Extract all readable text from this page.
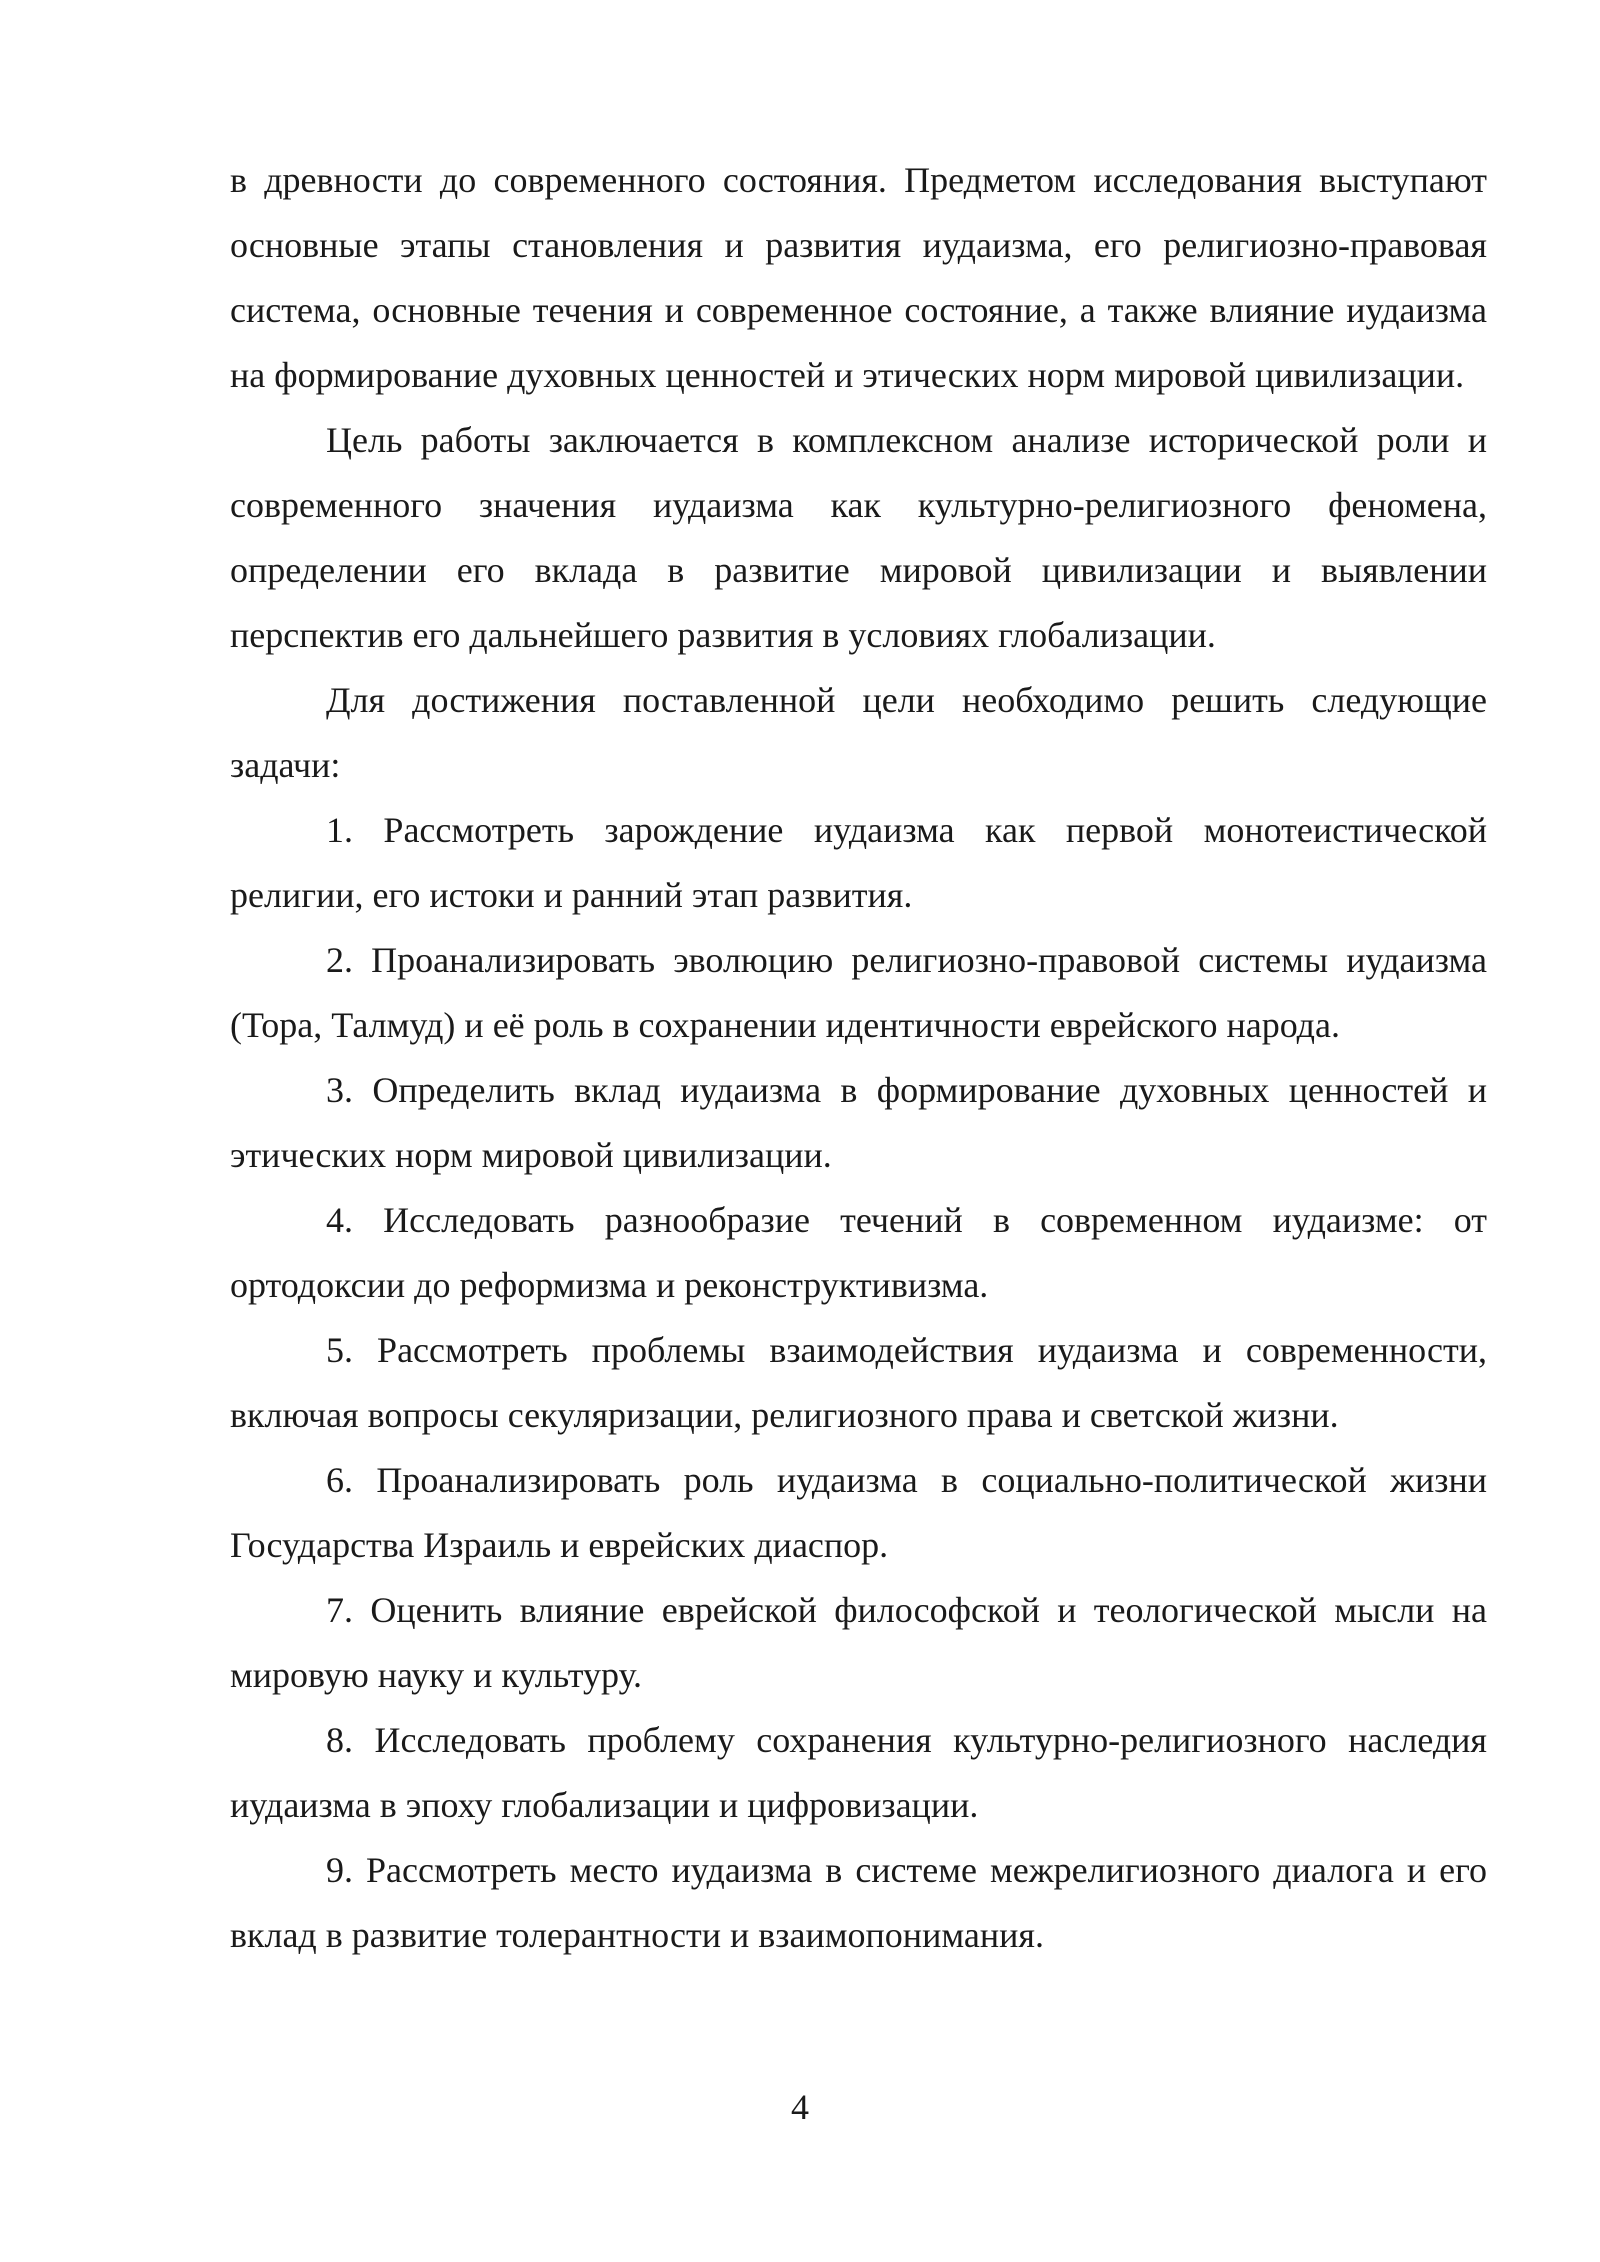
в древности до современного состояния. Предметом исследования выступают основные этапы становления и развития иудаизма, его религиозно-правовая система, основные течения и современное состояние, а также влияние иудаизма на формирование духовных ценностей и этических норм мировой цивилизации.

Цель работы заключается в комплексном анализе исторической роли и современного значения иудаизма как культурно-религиозного феномена, определении его вклада в развитие мировой цивилизации и выявлении перспектив его дальнейшего развития в условиях глобализации.

Для достижения поставленной цели необходимо решить следующие задачи:

1. Рассмотреть зарождение иудаизма как первой монотеистической религии, его истоки и ранний этап развития.

2. Проанализировать эволюцию религиозно-правовой системы иудаизма (Тора, Талмуд) и её роль в сохранении идентичности еврейского народа.

3. Определить вклад иудаизма в формирование духовных ценностей и этических норм мировой цивилизации.

4. Исследовать разнообразие течений в современном иудаизме: от ортодоксии до реформизма и реконструктивизма.

5. Рассмотреть проблемы взаимодействия иудаизма и современности, включая вопросы секуляризации, религиозного права и светской жизни.

6. Проанализировать роль иудаизма в социально-политической жизни Государства Израиль и еврейских диаспор.

7. Оценить влияние еврейской философской и теологической мысли на мировую науку и культуру.

8. Исследовать проблему сохранения культурно-религиозного наследия иудаизма в эпоху глобализации и цифровизации.

9. Рассмотреть место иудаизма в системе межрелигиозного диалога и его вклад в развитие толерантности и взаимопонимания.

4
